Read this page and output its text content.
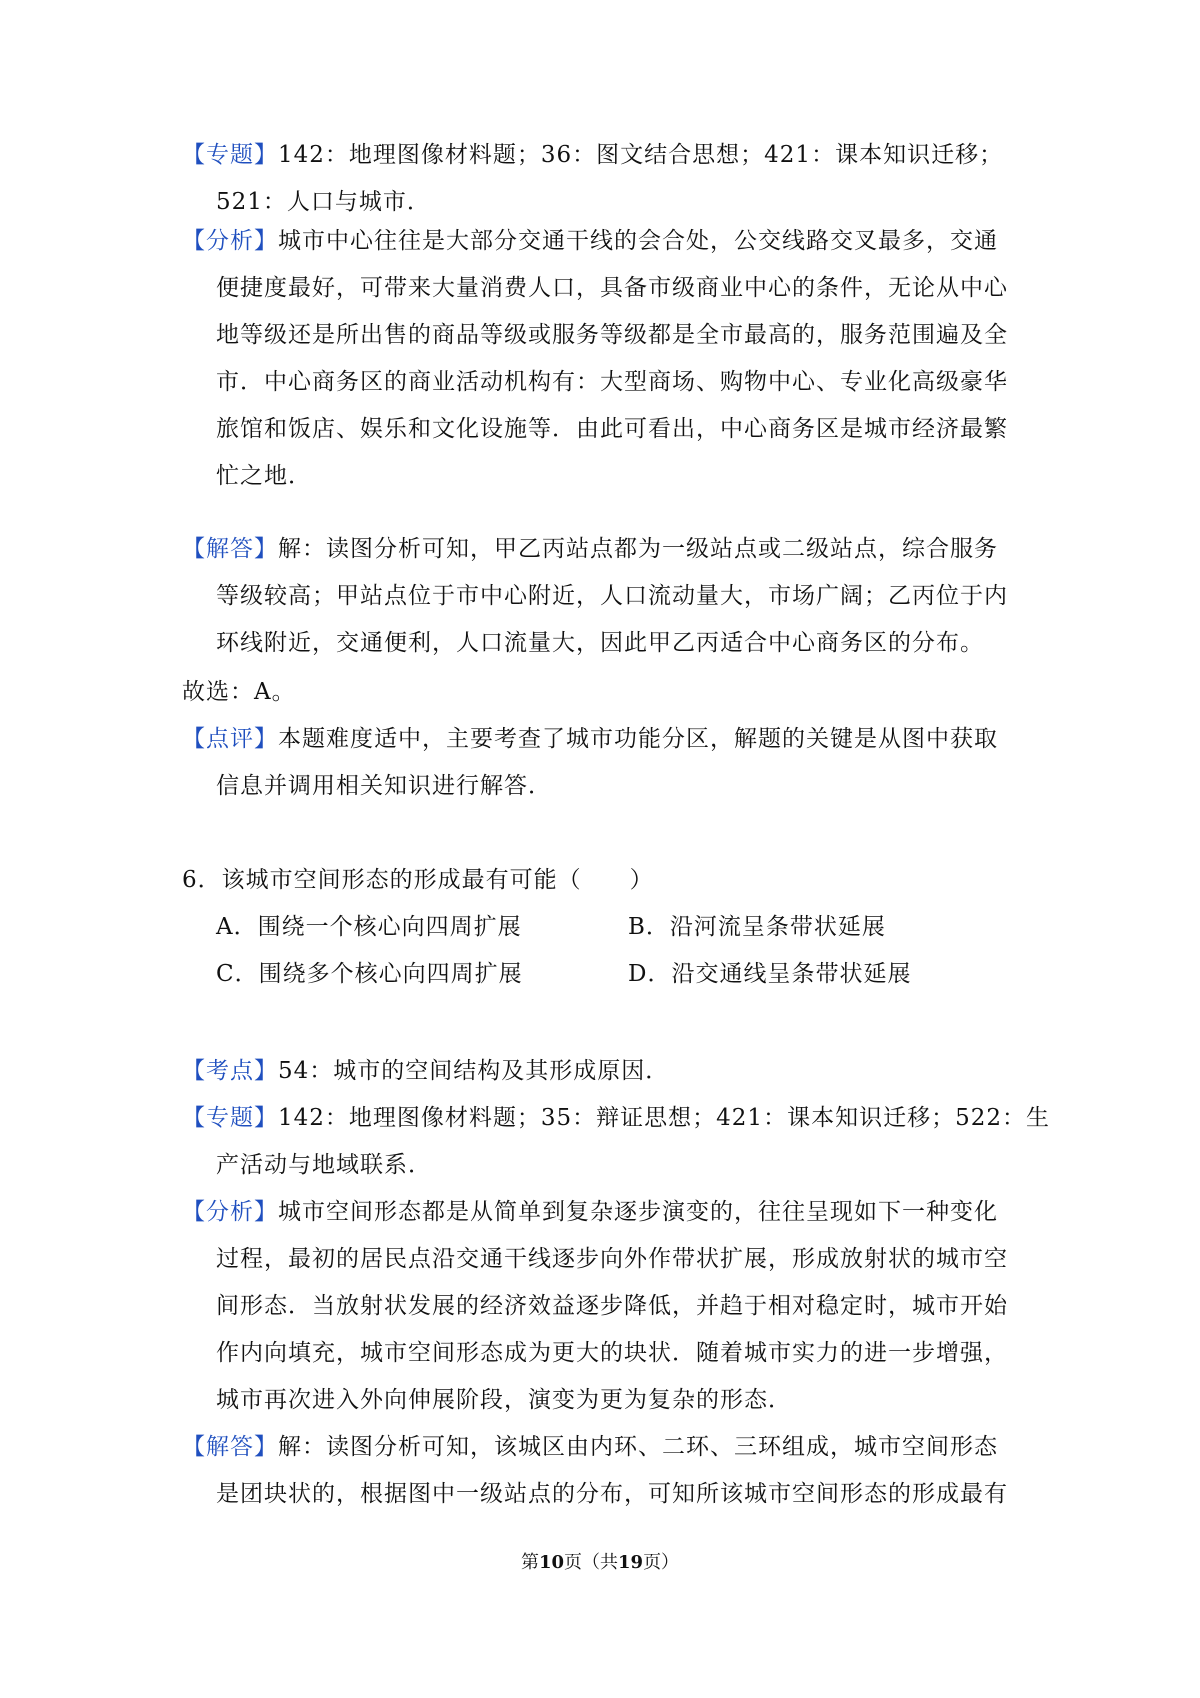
【专题】142：地理图像材料题；36：图文结合思想；421：课本知识迁移；
521：人口与城市．
【分析】城市中心往往是大部分交通干线的会合处，公交线路交叉最多，交通
便捷度最好，可带来大量消费人口，具备市级商业中心的条件，无论从中心
地等级还是所出售的商品等级或服务等级都是全市最高的，服务范围遍及全
市．中心商务区的商业活动机构有：大型商场、购物中心、专业化高级豪华
旅馆和饭店、娱乐和文化设施等．由此可看出，中心商务区是城市经济最繁
忙之地．
【解答】解：读图分析可知，甲乙丙站点都为一级站点或二级站点，综合服务
等级较高；甲站点位于市中心附近，人口流动量大，市场广阔；乙丙位于内
环线附近，交通便利，人口流量大，因此甲乙丙适合中心商务区的分布。
故选：A。
【点评】本题难度适中，主要考查了城市功能分区，解题的关键是从图中获取
信息并调用相关知识进行解答．
6．该城市空间形态的形成最有可能（　　）
A．围绕一个核心向四周扩展	B．沿河流呈条带状延展
C．围绕多个核心向四周扩展	D．沿交通线呈条带状延展
【考点】54：城市的空间结构及其形成原因．
【专题】142：地理图像材料题；35：辩证思想；421：课本知识迁移；522：生
产活动与地域联系．
【分析】城市空间形态都是从简单到复杂逐步演变的，往往呈现如下一种变化
过程，最初的居民点沿交通干线逐步向外作带状扩展，形成放射状的城市空
间形态．当放射状发展的经济效益逐步降低，并趋于相对稳定时，城市开始
作内向填充，城市空间形态成为更大的块状．随着城市实力的进一步增强，
城市再次进入外向伸展阶段，演变为更为复杂的形态．
【解答】解：读图分析可知，该城区由内环、二环、三环组成，城市空间形态
是团块状的，根据图中一级站点的分布，可知所该城市空间形态的形成最有
第10页（共19页）
